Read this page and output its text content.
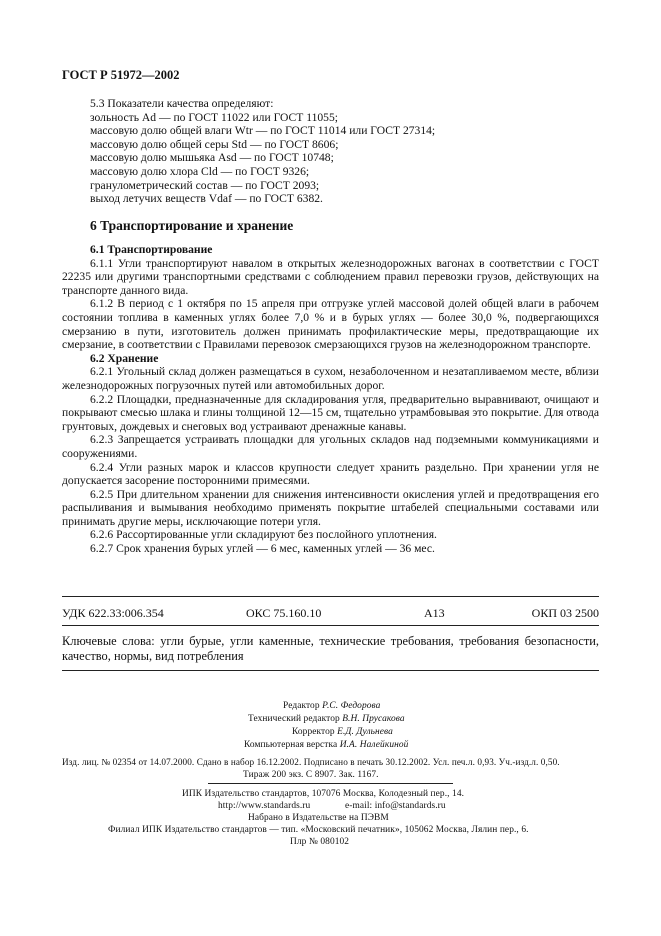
ГОСТ Р 51972—2002

5.3 Показатели качества определяют:

зольность Ad — по ГОСТ 11022 или ГОСТ 11055;

массовую долю общей влаги Wtr — по ГОСТ 11014 или ГОСТ 27314;

массовую долю общей серы Std — по ГОСТ 8606;

массовую долю мышьяка Asd — по ГОСТ 10748;

массовую долю хлора Cld — по ГОСТ 9326;

гранулометрический состав — по ГОСТ 2093;

выход летучих веществ Vdaf — по ГОСТ 6382.

6 Транспортирование и хранение

6.1 Транспортирование

6.1.1 Угли транспортируют навалом в открытых железнодорожных вагонах в соответствии с ГОСТ 22235 или другими транспортными средствами с соблюдением правил перевозки грузов, действующих на транспорте данного вида.

6.1.2 В период с 1 октября по 15 апреля при отгрузке углей массовой долей общей влаги в рабочем состоянии топлива в каменных углях более 7,0 % и в бурых углях — более 30,0 %, подвергающихся смерзанию в пути, изготовитель должен принимать профилактические меры, предотвращающие их смерзание, в соответствии с Правилами перевозок смерзающихся грузов на железнодорожном транспорте.

6.2 Хранение

6.2.1 Угольный склад должен размещаться в сухом, незаболоченном и незатапливаемом месте, вблизи железнодорожных погрузочных путей или автомобильных дорог.

6.2.2 Площадки, предназначенные для складирования угля, предварительно выравнивают, очищают и покрывают смесью шлака и глины толщиной 12—15 см, тщательно утрамбовывая это покрытие. Для отвода грунтовых, дождевых и снеговых вод устраивают дренажные канавы.

6.2.3 Запрещается устраивать площадки для угольных складов над подземными коммуникациями и сооружениями.

6.2.4 Угли разных марок и классов крупности следует хранить раздельно. При хранении угля не допускается засорение посторонними примесями.

6.2.5 При длительном хранении для снижения интенсивности окисления углей и предотвращения его распыливания и вымывания необходимо применять покрытие штабелей специальными составами или принимать другие меры, исключающие потери угля.

6.2.6 Рассортированные угли складируют без послойного уплотнения.

6.2.7 Срок хранения бурых углей — 6 мес, каменных углей — 36 мес.

УДК 622.33:006.354	ОКС 75.160.10	А13	ОКП 03 2500
Ключевые слова: угли бурые, угли каменные, технические требования, требования безопасности, качество, нормы, вид потребления
Редактор Р.С. Федорова
Технический редактор В.Н. Прусакова
Корректор Е.Д. Дульнева
Компьютерная верстка И.А. Налейкиной
Изд. лиц. № 02354 от 14.07.2000. Сдано в набор 16.12.2002. Подписано в печать 30.12.2002. Усл. печ.л. 0,93. Уч.-изд.л. 0,50.
Тираж 200 экз. С 8907. Зак. 1167.
ИПК Издательство стандартов, 107076 Москва, Колодезный пер., 14.
http://www.standards.ru	e-mail: info@standards.ru
Набрано в Издательстве на ПЭВМ
Филиал ИПК Издательство стандартов — тип. «Московский печатник», 105062 Москва, Лялин пер., 6.
Плр № 080102
